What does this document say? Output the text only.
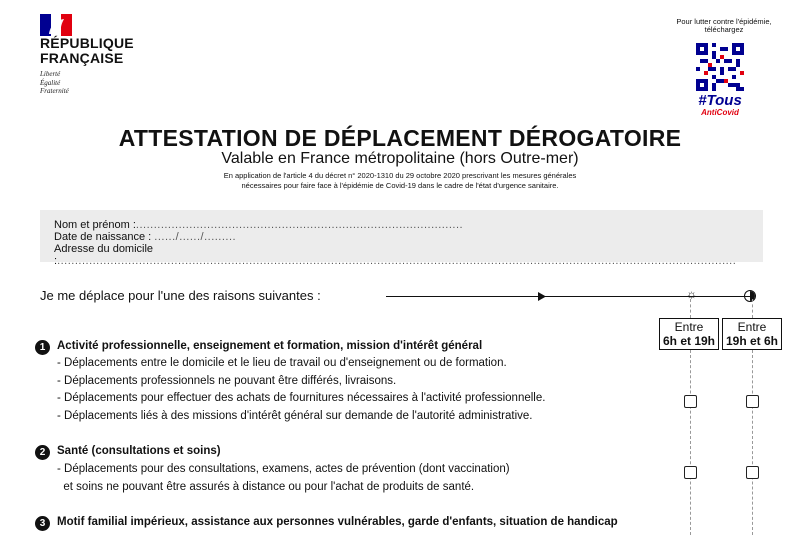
RÉPUBLIQUE
FRANÇAISE
Liberté
Égalité
Fraternité
Pour lutter contre l'épidémie,
téléchargez
#Tous
AntiCovid
ATTESTATION DE DÉPLACEMENT DÉROGATOIRE
Valable en France métropolitaine (hors Outre-mer)
En application de l'article 4 du décret n° 2020-1310 du 29 octobre 2020 prescrivant les mesures générales
nécessaires pour faire face à l'épidémie de Covid-19 dans le cadre de l'état d'urgence sanitaire.
Nom et prénom :............................................................................................
Date de naissance : ....../....../.........
Adresse du domicile :...............................................................................................................................................................................................
Je me déplace pour l'une des raisons suivantes :	☼
Entre
6h et 19h
Entre
19h et 6h
1	Activité professionnelle, enseignement et formation, mission d'intérêt général
- Déplacements entre le domicile et le lieu de travail ou d'enseignement ou de formation.
- Déplacements professionnels ne pouvant être différés, livraisons.
- Déplacements pour effectuer des achats de fournitures nécessaires à l'activité professionnelle.
- Déplacements liés à des missions d'intérêt général sur demande de l'autorité administrative.
2	Santé (consultations et soins)
- Déplacements pour des consultations, examens, actes de prévention (dont vaccination)
et soins ne pouvant être assurés à distance ou pour l'achat de produits de santé.
3	Motif familial impérieux, assistance aux personnes vulnérables, garde d'enfants, situation de handicap
